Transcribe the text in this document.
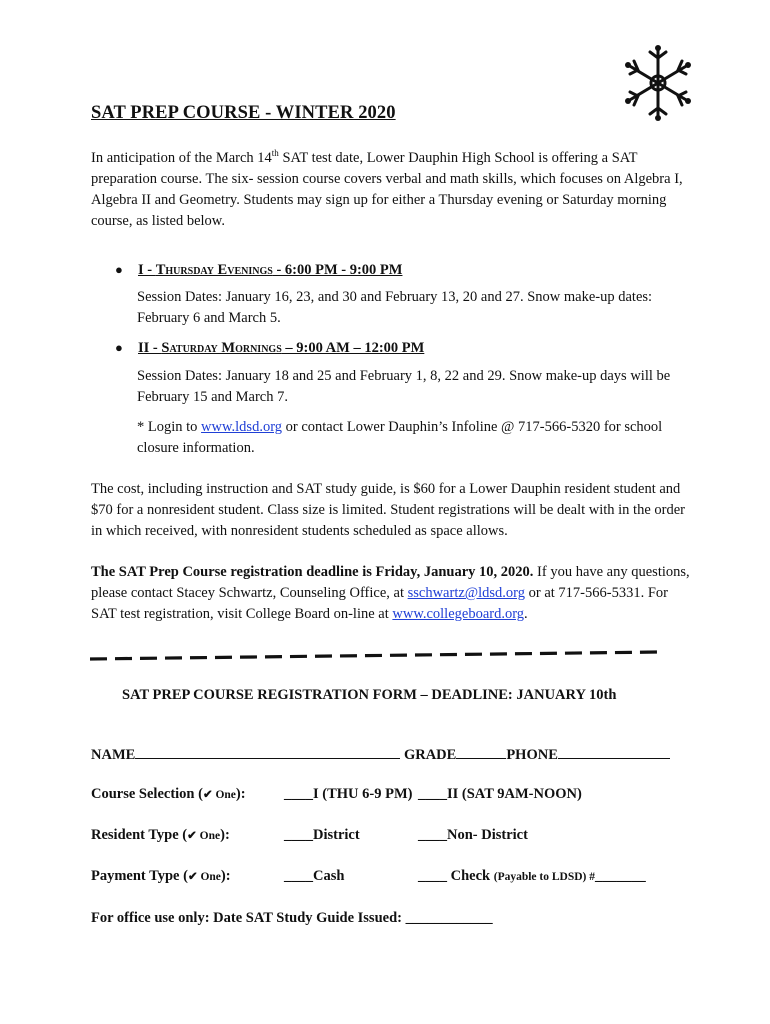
SAT PREP COURSE - WINTER 2020
In anticipation of the March 14th SAT test date, Lower Dauphin High School is offering a SAT preparation course. The six- session course covers verbal and math skills, which focuses on Algebra I, Algebra II and Geometry. Students may sign up for either a Thursday evening or Saturday morning course, as listed below.
● I - Thursday Evenings - 6:00 PM - 9:00 PM
Session Dates: January 16, 23, and 30 and February 13, 20 and 27. Snow make-up dates: February 6 and March 5.
● II - Saturday Mornings – 9:00 AM – 12:00 PM
Session Dates: January 18 and 25 and February 1, 8, 22 and 29. Snow make-up days will be February 15 and March 7.
* Login to www.ldsd.org or contact Lower Dauphin’s Infoline @ 717-566-5320 for school closure information.
The cost, including instruction and SAT study guide, is $60 for a Lower Dauphin resident student and $70 for a nonresident student. Class size is limited. Student registrations will be dealt with in the order in which received, with nonresident students scheduled as space allows.
The SAT Prep Course registration deadline is Friday, January 10, 2020. If you have any questions, please contact Stacey Schwartz, Counseling Office, at sschwartz@ldsd.org or at 717-566-5331. For SAT test registration, visit College Board on-line at www.collegeboard.org.
SAT PREP COURSE REGISTRATION FORM – DEADLINE: JANUARY 10th
NAME	GRADE	PHONE
Course Selection (✔ One):	____I (THU 6-9 PM) ____II (SAT 9AM-NOON)
Resident Type (✔ One):	____District	____Non- District
Payment Type (✔ One):	____Cash	____ Check (Payable to LDSD) #_______
For office use only: Date SAT Study Guide Issued: ____________
